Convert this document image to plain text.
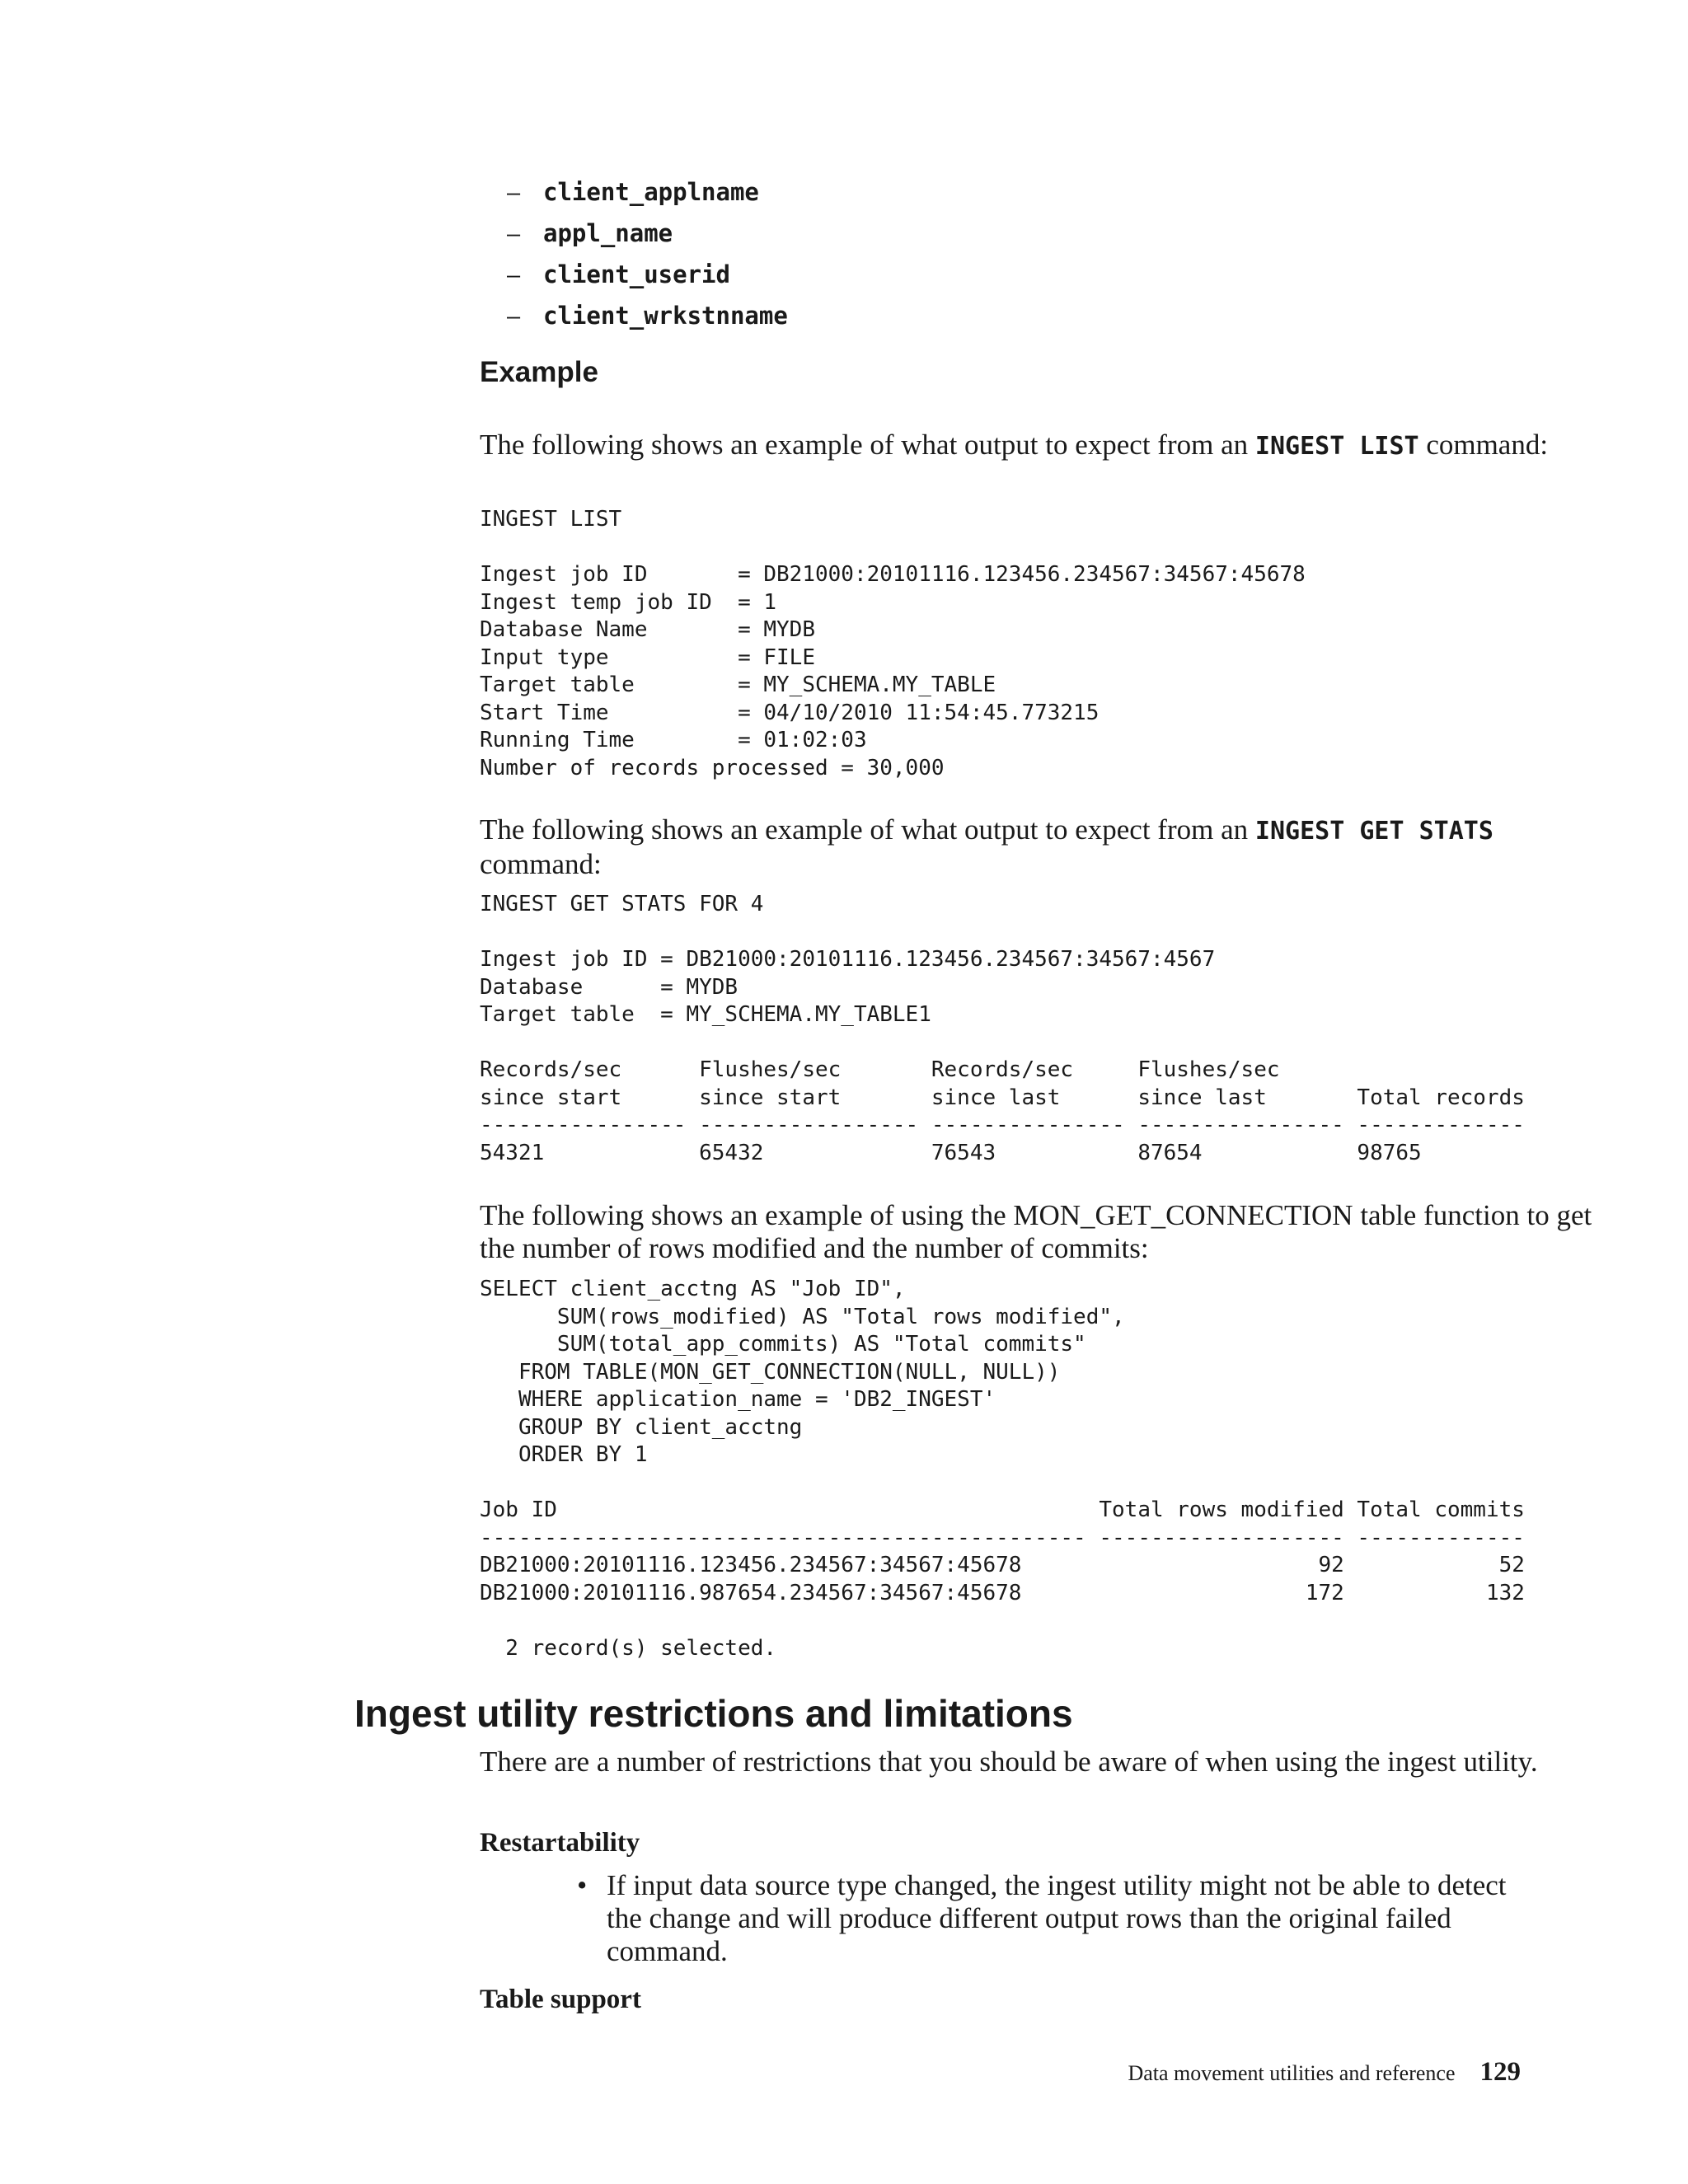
– client_applname
– appl_name
– client_userid
– client_wrkstnname
Example

The following shows an example of what output to expect from an INGEST LIST command:

INGEST LIST

Ingest job ID       = DB21000:20101116.123456.234567:34567:45678
Ingest temp job ID  = 1
Database Name       = MYDB
Input type          = FILE
Target table        = MY_SCHEMA.MY_TABLE
Start Time          = 04/10/2010 11:54:45.773215
Running Time        = 01:02:03
Number of records processed = 30,000

The following shows an example of what output to expect from an INGEST GET STATS command:

INGEST GET STATS FOR 4

Ingest job ID = DB21000:20101116.123456.234567:34567:4567
Database      = MYDB
Target table  = MY_SCHEMA.MY_TABLE1

Records/sec      Flushes/sec       Records/sec     Flushes/sec
since start      since start       since last      since last       Total records
---------------- ----------------- --------------- ---------------- -------------
54321            65432             76543           87654            98765

The following shows an example of using the MON_GET_CONNECTION table function to get the number of rows modified and the number of commits:

SELECT client_acctng AS "Job ID",
SUM(rows_modified) AS "Total rows modified",
SUM(total_app_commits) AS "Total commits"
FROM TABLE(MON_GET_CONNECTION(NULL, NULL))
WHERE application_name = 'DB2_INGEST'
GROUP BY client_acctng
ORDER BY 1

Job ID                                          Total rows modified Total commits
----------------------------------------------- ------------------- -------------
DB21000:20101116.123456.234567:34567:45678                       92            52
DB21000:20101116.987654.234567:34567:45678                      172           132

2 record(s) selected.
Ingest utility restrictions and limitations

There are a number of restrictions that you should be aware of when using the ingest utility.

Restartability
• If input data source type changed, the ingest utility might not be able to detect the change and will produce different output rows than the original failed command.
Table support
Data movement utilities and reference 129
